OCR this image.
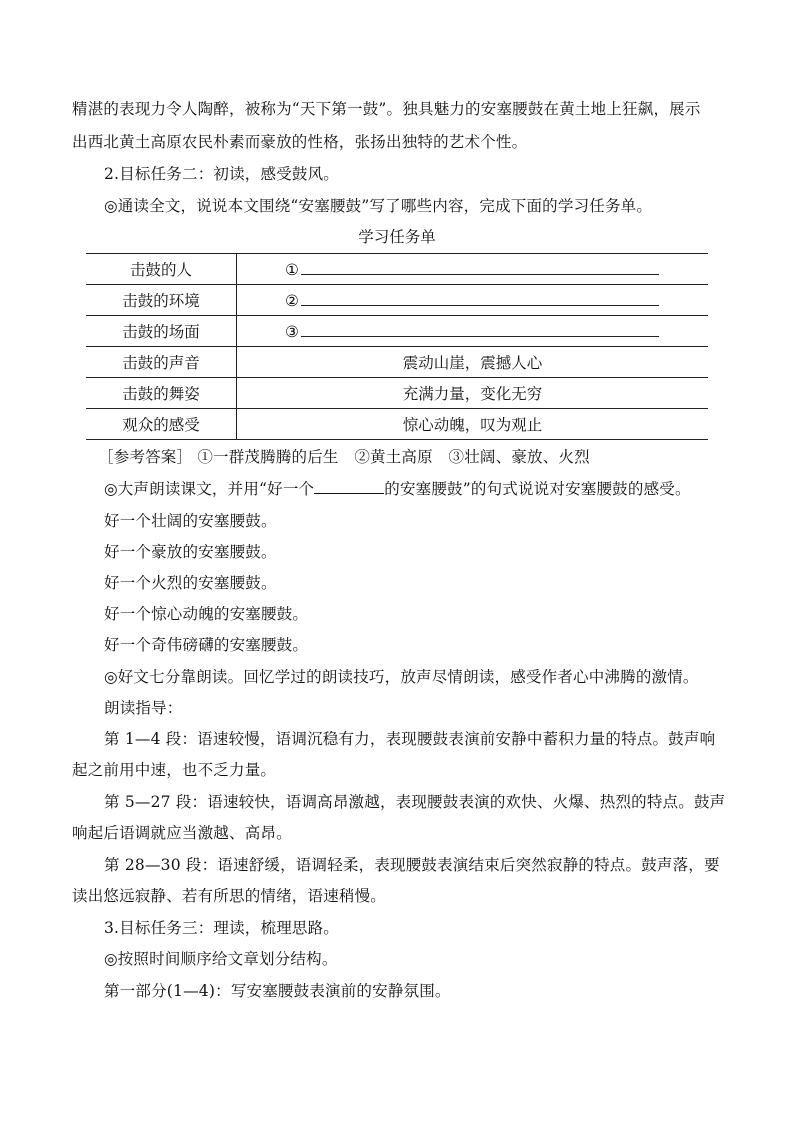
精湛的表现力令人陶醉，被称为“天下第一鼓”。独具魅力的安塞腰鼓在黄土地上狂飙，展示
出西北黄土高原农民朴素而豪放的性格，张扬出独特的艺术个性。
2.目标任务二：初读，感受鼓风。
◎通读全文，说说本文围绕“安塞腰鼓”写了哪些内容，完成下面的学习任务单。
学习任务单
击鼓的人	①
击鼓的环境	②
击鼓的场面	③
击鼓的声音	震动山崖，震撼人心
击鼓的舞姿	充满力量，变化无穷
观众的感受	惊心动魄，叹为观止
［参考答案］ ①一群茂腾腾的后生　②黄土高原　③壮阔、豪放、火烈
◎大声朗读课文，并用“好一个	的安塞腰鼓”的句式说说对安塞腰鼓的感受。
好一个壮阔的安塞腰鼓。
好一个豪放的安塞腰鼓。
好一个火烈的安塞腰鼓。
好一个惊心动魄的安塞腰鼓。
好一个奇伟磅礴的安塞腰鼓。
◎好文七分靠朗读。回忆学过的朗读技巧，放声尽情朗读，感受作者心中沸腾的激情。
朗读指导：
第 1—4 段：语速较慢，语调沉稳有力，表现腰鼓表演前安静中蓄积力量的特点。鼓声响
起之前用中速，也不乏力量。
第 5—27 段：语速较快，语调高昂激越，表现腰鼓表演的欢快、火爆、热烈的特点。鼓声
响起后语调就应当激越、高昂。
第 28—30 段：语速舒缓，语调轻柔，表现腰鼓表演结束后突然寂静的特点。鼓声落，要
读出悠远寂静、若有所思的情绪，语速稍慢。
3.目标任务三：理读，梳理思路。
◎按照时间顺序给文章划分结构。
第一部分(1—4)：写安塞腰鼓表演前的安静氛围。
